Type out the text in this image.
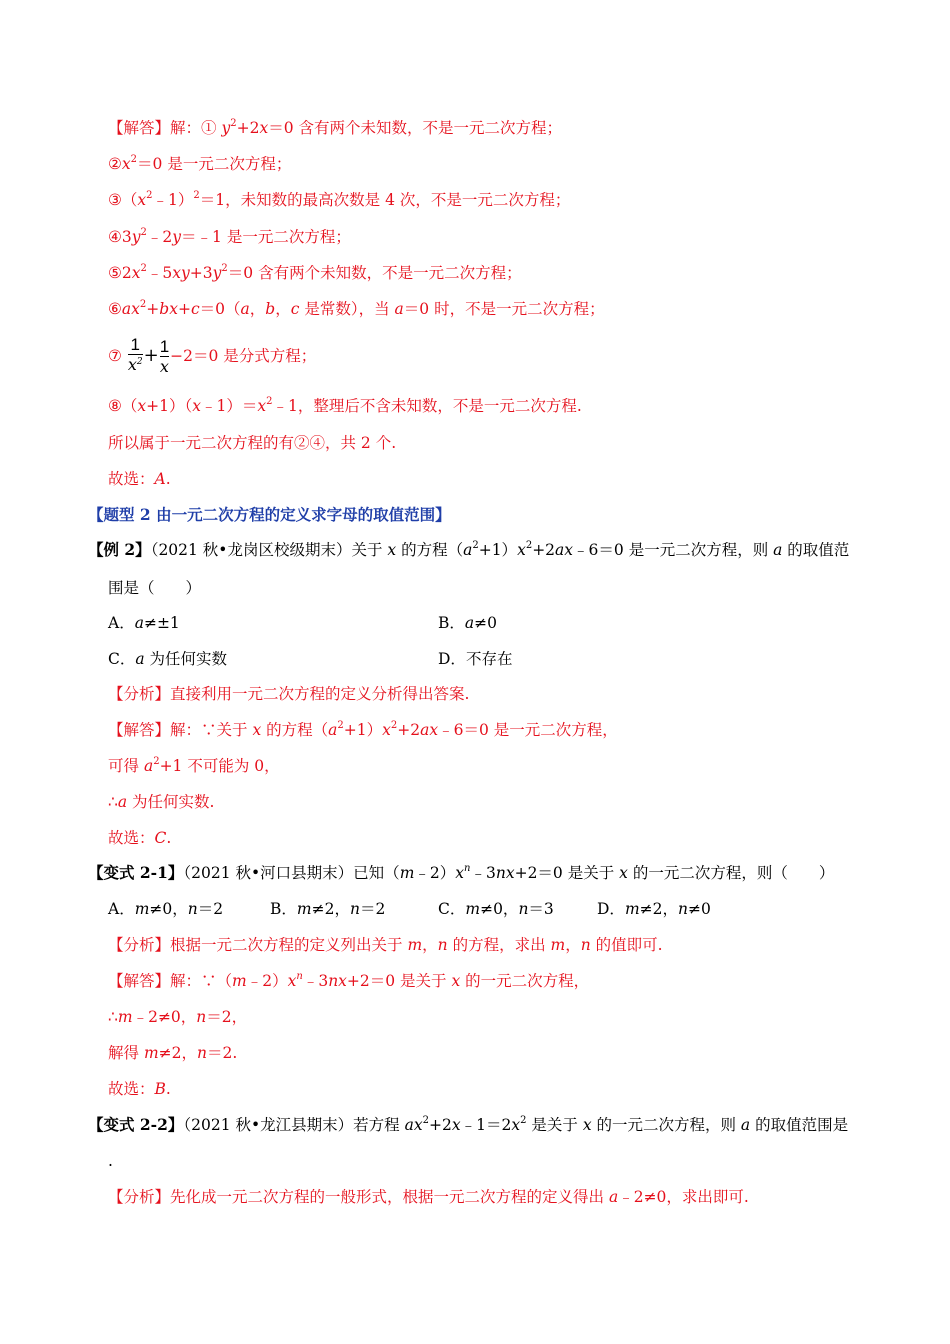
【解答】解：① $y^2+2x=0$ 含有两个未知数，不是一元二次方程；
$②x^2=0$ 是一元二次方程；
$③(x^2﹣1)^2=1$，未知数的最高次数是 4 次，不是一元二次方程；
$④3y^2﹣2y=﹣1$ 是一元二次方程；
$⑤2x^2﹣5xy+3y^2=0$ 含有两个未知数，不是一元二次方程；
$⑥ax^2+bx+c=0(a$，b，c 是常数），当 a＝0 时，不是一元二次方程；
⑦ $\frac{1}{x^2} + \frac{1}{x} -2=0$ 是分式方程；
$⑧(x+1)(x﹣1)=x^2﹣1$，整理后不含未知数，不是一元二次方程.
所以属于一元二次方程的有②④，共 2 个.
故选：A.
【题型 2 由一元二次方程的定义求字母的取值范围】
【例 2】（2021 秋•龙岗区校级期末）关于 x 的方程$(a^2+1)x^2+2ax﹣6=0$ 是一元二次方程，则 a 的取值范
围是（　　）
A．a≠±1	B．a≠0
C．a 为任何实数	D．不存在
【分析】直接利用一元二次方程的定义分析得出答案.
【解答】解：∵关于 x 的方程$(a^2+1)x^2+2ax﹣6=0$ 是一元二次方程，
可得 $a^2+1$ 不可能为 0，
∴a 为任何实数.
故选：C.
【变式 2-1】（2021 秋•河口县期末）已知$(m﹣2)x^n﹣3nx+2=0$ 是关于 x 的一元二次方程，则（　　）
A．m≠0，n＝2	B．m≠2，n＝2	C．m≠0，n＝3	D．m≠2，n≠0
【分析】根据一元二次方程的定义列出关于 m，n 的方程，求出 m，n 的值即可.
【解答】解：$\because(m﹣2)x^n﹣3nx+2=0$ 是关于 x 的一元二次方程，
∴m﹣2≠0，n＝2，
解得 m≠2，n＝2.
故选：B.
【变式 2-2】（2021 秋•龙江县期末）若方程 $ax^2+2x﹣1=2x^2$ 是关于 x 的一元二次方程，则 a 的取值范围是
.
【分析】先化成一元二次方程的一般形式，根据一元二次方程的定义得出 a﹣2≠0，求出即可.
